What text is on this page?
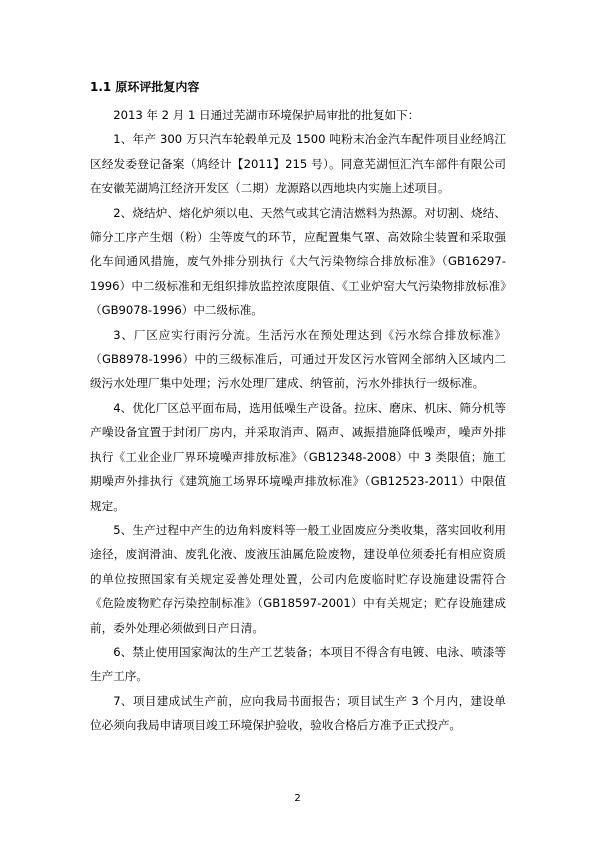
1.1 原环评批复内容

2013 年 2 月 1 日通过芜湖市环境保护局审批的批复如下：

1、年产 300 万只汽车轮毂单元及 1500 吨粉末冶金汽车配件项目业经鸠江区经发委登记备案（鸠经计【2011】215 号）。同意芜湖恒汇汽车部件有限公司在安徽芜湖鸠江经济开发区（二期）龙源路以西地块内实施上述项目。

2、烧结炉、熔化炉须以电、天然气或其它清洁燃料为热源。对切割、烧结、筛分工序产生烟（粉）尘等废气的环节，应配置集气罩、高效除尘装置和采取强化车间通风措施，废气外排分别执行《大气污染物综合排放标准》（GB16297-1996）中二级标准和无组织排放监控浓度限值、《工业炉窑大气污染物排放标准》（GB9078-1996）中二级标准。

3、厂区应实行雨污分流。生活污水在预处理达到《污水综合排放标准》（GB8978-1996）中的三级标准后，可通过开发区污水管网全部纳入区域内二级污水处理厂集中处理；污水处理厂建成、纳管前，污水外排执行一级标准。

4、优化厂区总平面布局，选用低噪生产设备。拉床、磨床、机床、筛分机等产噪设备宜置于封闭厂房内，并采取消声、隔声、减振措施降低噪声，噪声外排执行《工业企业厂界环境噪声排放标准》（GB12348-2008）中 3 类限值；施工期噪声外排执行《建筑施工场界环境噪声排放标准》（GB12523-2011）中限值规定。

5、生产过程中产生的边角料废料等一般工业固废应分类收集，落实回收利用途径，废润滑油、废乳化液、废液压油属危险废物，建设单位须委托有相应资质的单位按照国家有关规定妥善处理处置，公司内危废临时贮存设施建设需符合《危险废物贮存污染控制标准》（GB18597-2001）中有关规定；贮存设施建成前，委外处理必须做到日产日清。

6、禁止使用国家淘汰的生产工艺装备；本项目不得含有电镀、电泳、喷漆等生产工序。

7、项目建成试生产前，应向我局书面报告；项目试生产 3 个月内，建设单位必须向我局申请项目竣工环境保护验收，验收合格后方准予正式投产。

2
